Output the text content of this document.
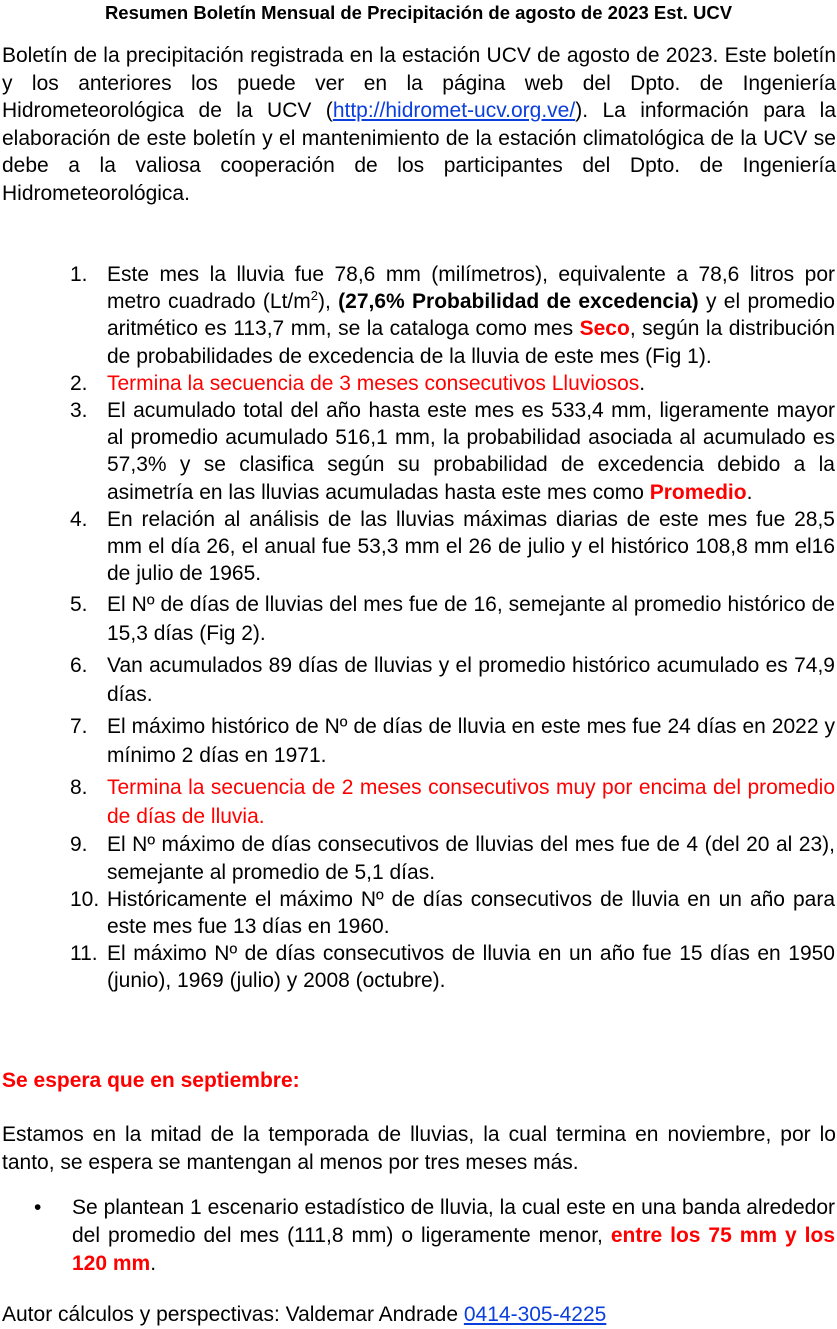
Resumen Boletín Mensual de Precipitación de agosto de 2023 Est. UCV

Boletín de la precipitación registrada en la estación UCV de agosto de 2023. Este boletín y los anteriores los puede ver en la página web del Dpto. de Ingeniería Hidrometeorológica de la UCV (http://hidromet-ucv.org.ve/). La información para la elaboración de este boletín y el mantenimiento de la estación climatológica de la UCV se debe a la valiosa cooperación de los participantes del Dpto. de Ingeniería Hidrometeorológica.

1. Este mes la lluvia fue 78,6 mm (milímetros), equivalente a 78,6 litros por metro cuadrado $(Lt/m^2)$, (27,6% Probabilidad de excedencia) y el promedio aritmético es 113,7 mm, se la cataloga como mes Seco, según la distribución de probabilidades de excedencia de la lluvia de este mes (Fig 1).
2. Termina la secuencia de 3 meses consecutivos Lluviosos.
3. El acumulado total del año hasta este mes es 533,4 mm, ligeramente mayor al promedio acumulado 516,1 mm, la probabilidad asociada al acumulado es 57,3% y se clasifica según su probabilidad de excedencia debido a la asimetría en las lluvias acumuladas hasta este mes como Promedio.
4. En relación al análisis de las lluvias máximas diarias de este mes fue 28,5 mm el día 26, el anual fue 53,3 mm el 26 de julio y el histórico 108,8 mm el16 de julio de 1965.
5. El Nº de días de lluvias del mes fue de 16, semejante al promedio histórico de 15,3 días (Fig 2).
6. Van acumulados 89 días de lluvias y el promedio histórico acumulado es 74,9 días.
7. El máximo histórico de Nº de días de lluvia en este mes fue 24 días en 2022 y mínimo 2 días en 1971.
8. Termina la secuencia de 2 meses consecutivos muy por encima del promedio de días de lluvia.
9. El Nº máximo de días consecutivos de lluvias del mes fue de 4 (del 20 al 23), semejante al promedio de 5,1 días.
10. Históricamente el máximo Nº de días consecutivos de lluvia en un año para este mes fue 13 días en 1960.
11. El máximo Nº de días consecutivos de lluvia en un año fue 15 días en 1950 (junio), 1969 (julio) y 2008 (octubre).
Se espera que en septiembre:

Estamos en la mitad de la temporada de lluvias, la cual termina en noviembre, por lo tanto, se espera se mantengan al menos por tres meses más.

• Se plantean 1 escenario estadístico de lluvia, la cual este en una banda alrededor del promedio del mes (111,8 mm) o ligeramente menor, entre los 75 mm y los 120 mm.
Autor cálculos y perspectivas: Valdemar Andrade 0414-305-4225
